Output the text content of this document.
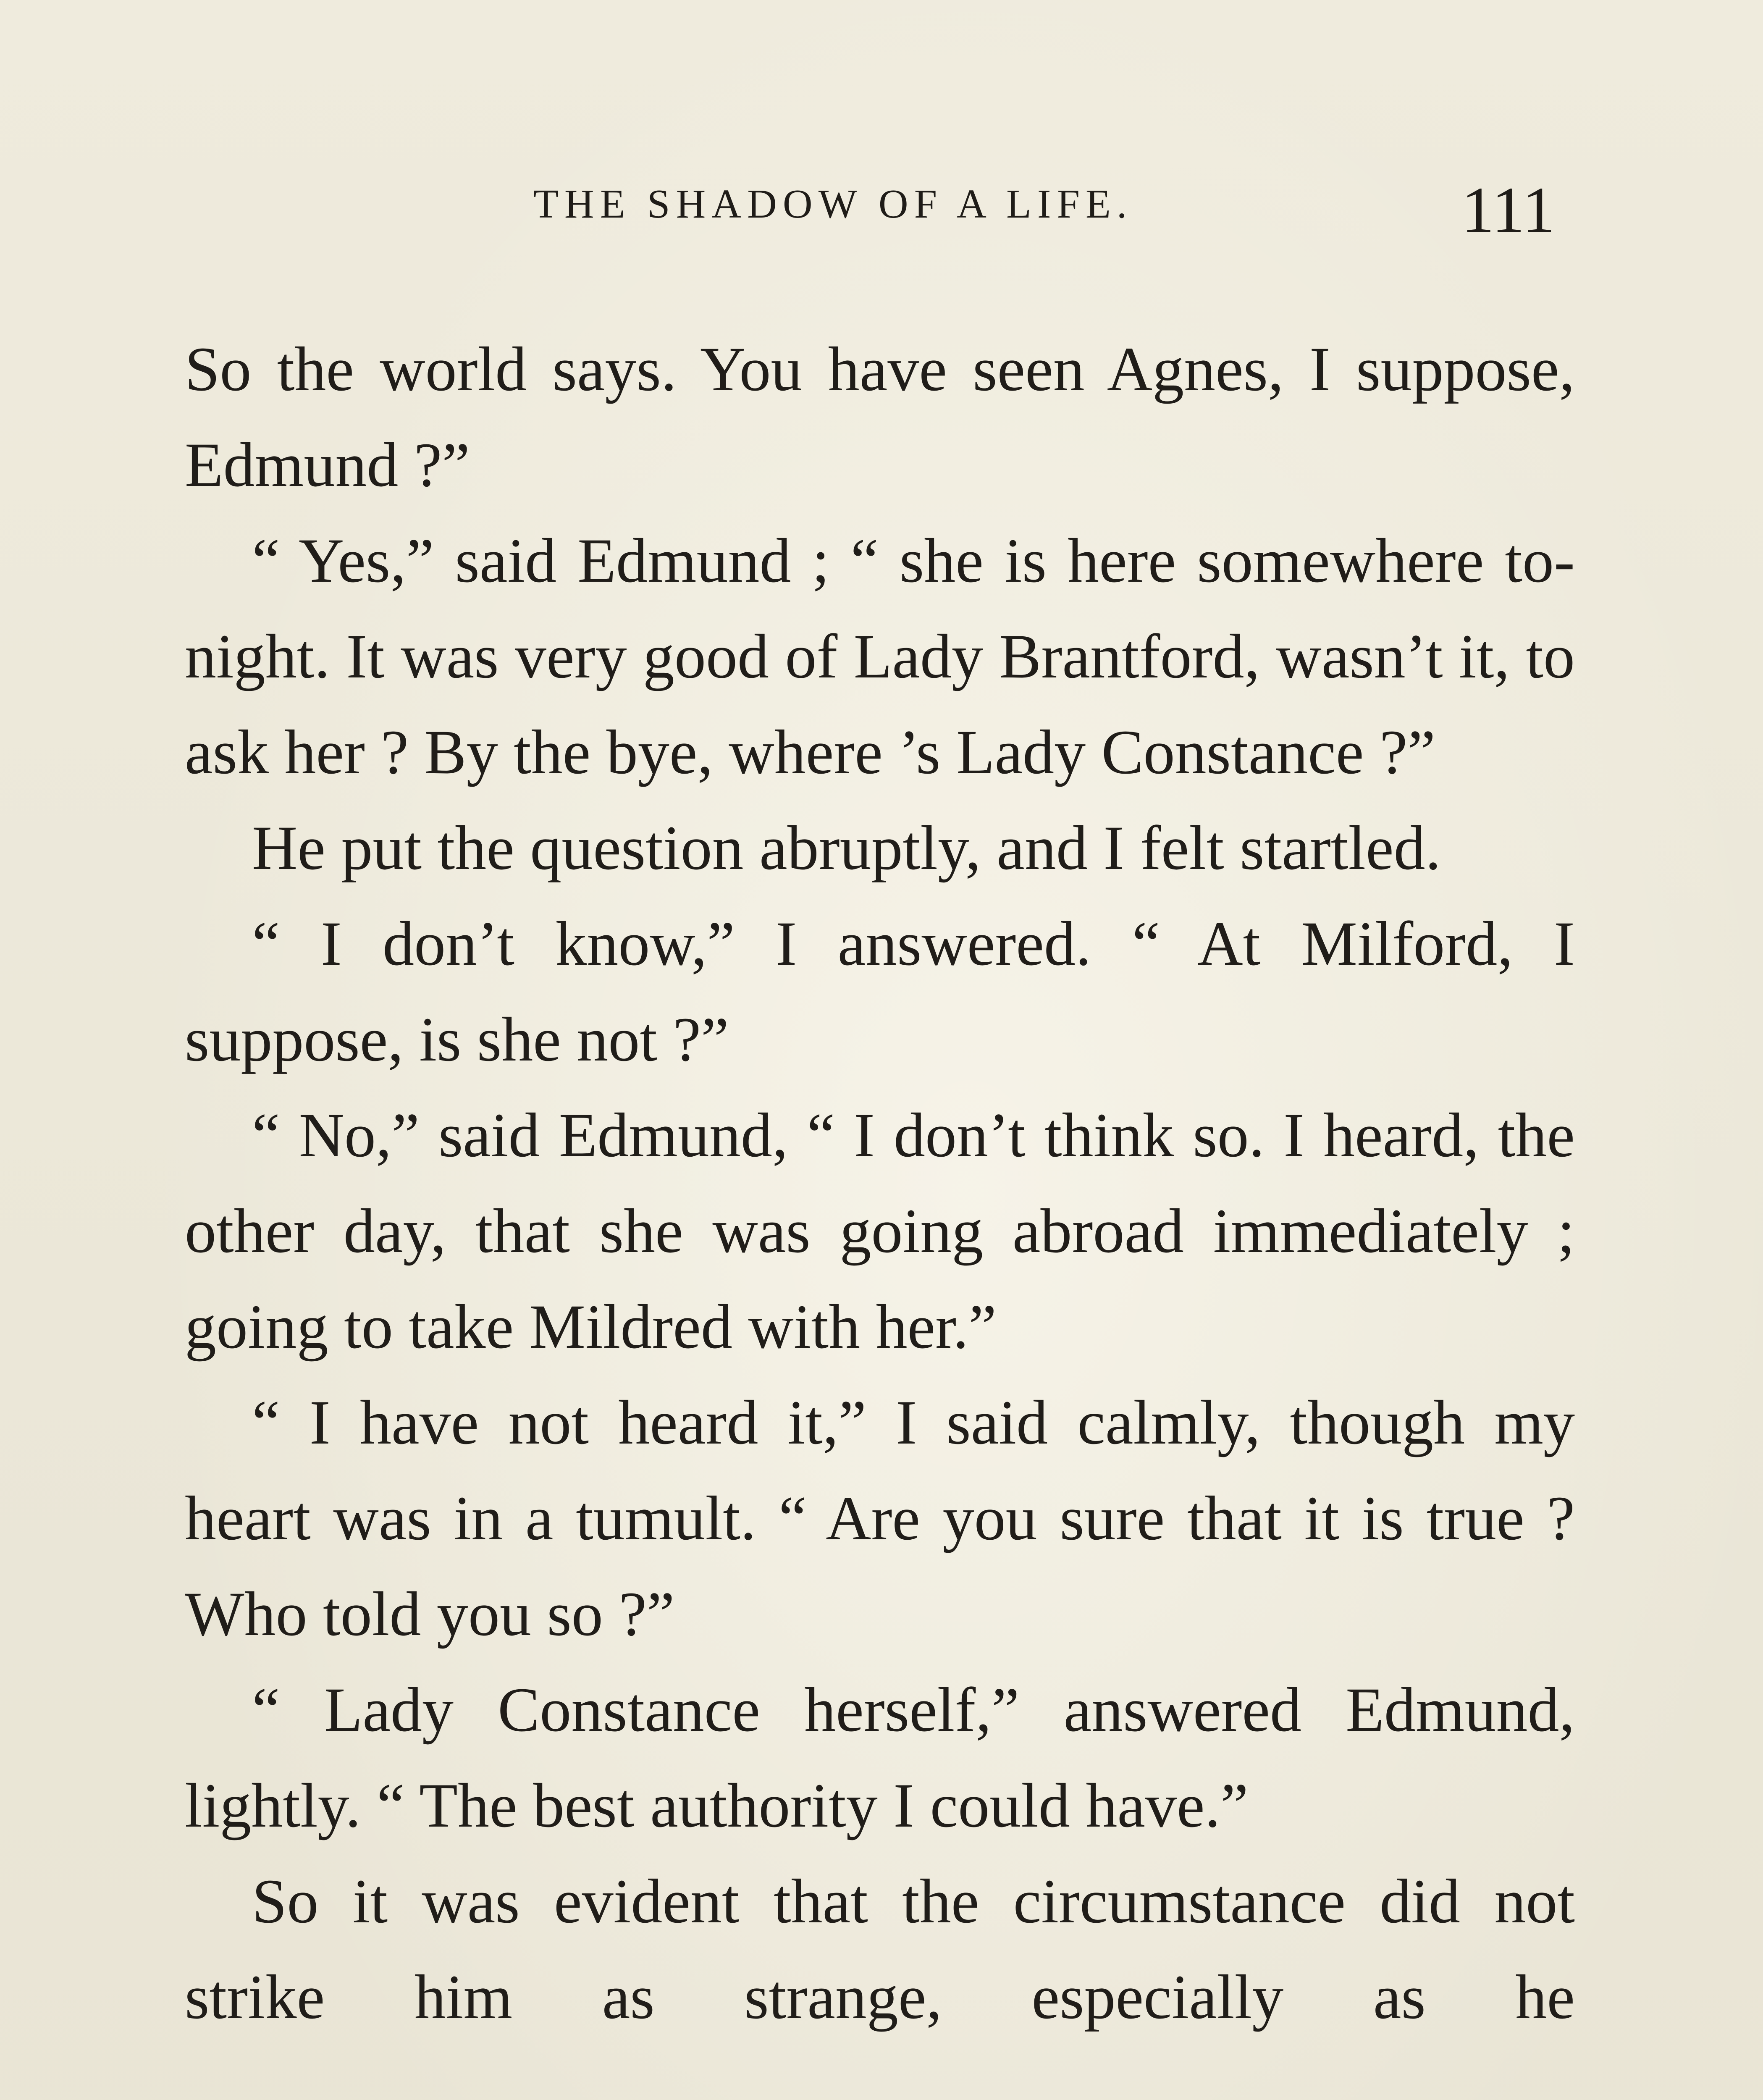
THE SHADOW OF A LIFE.	111

So the world says. You have seen Agnes, I suppose, Edmund ?”

“ Yes,” said Edmund ; “ she is here somewhere to-night. It was very good of Lady Brantford, wasn’t it, to ask her ? By the bye, where ’s Lady Constance ?”

He put the question abruptly, and I felt startled.

“ I don’t know,” I answered. “ At Milford, I suppose, is she not ?”

“ No,” said Edmund, “ I don’t think so. I heard, the other day, that she was going abroad immediately ; going to take Mildred with her.”

“ I have not heard it,” I said calmly, though my heart was in a tumult. “ Are you sure that it is true ? Who told you so ?”

“ Lady Constance herself,” answered Edmund, lightly. “ The best authority I could have.”

So it was evident that the circumstance did not strike him as strange, especially as he
